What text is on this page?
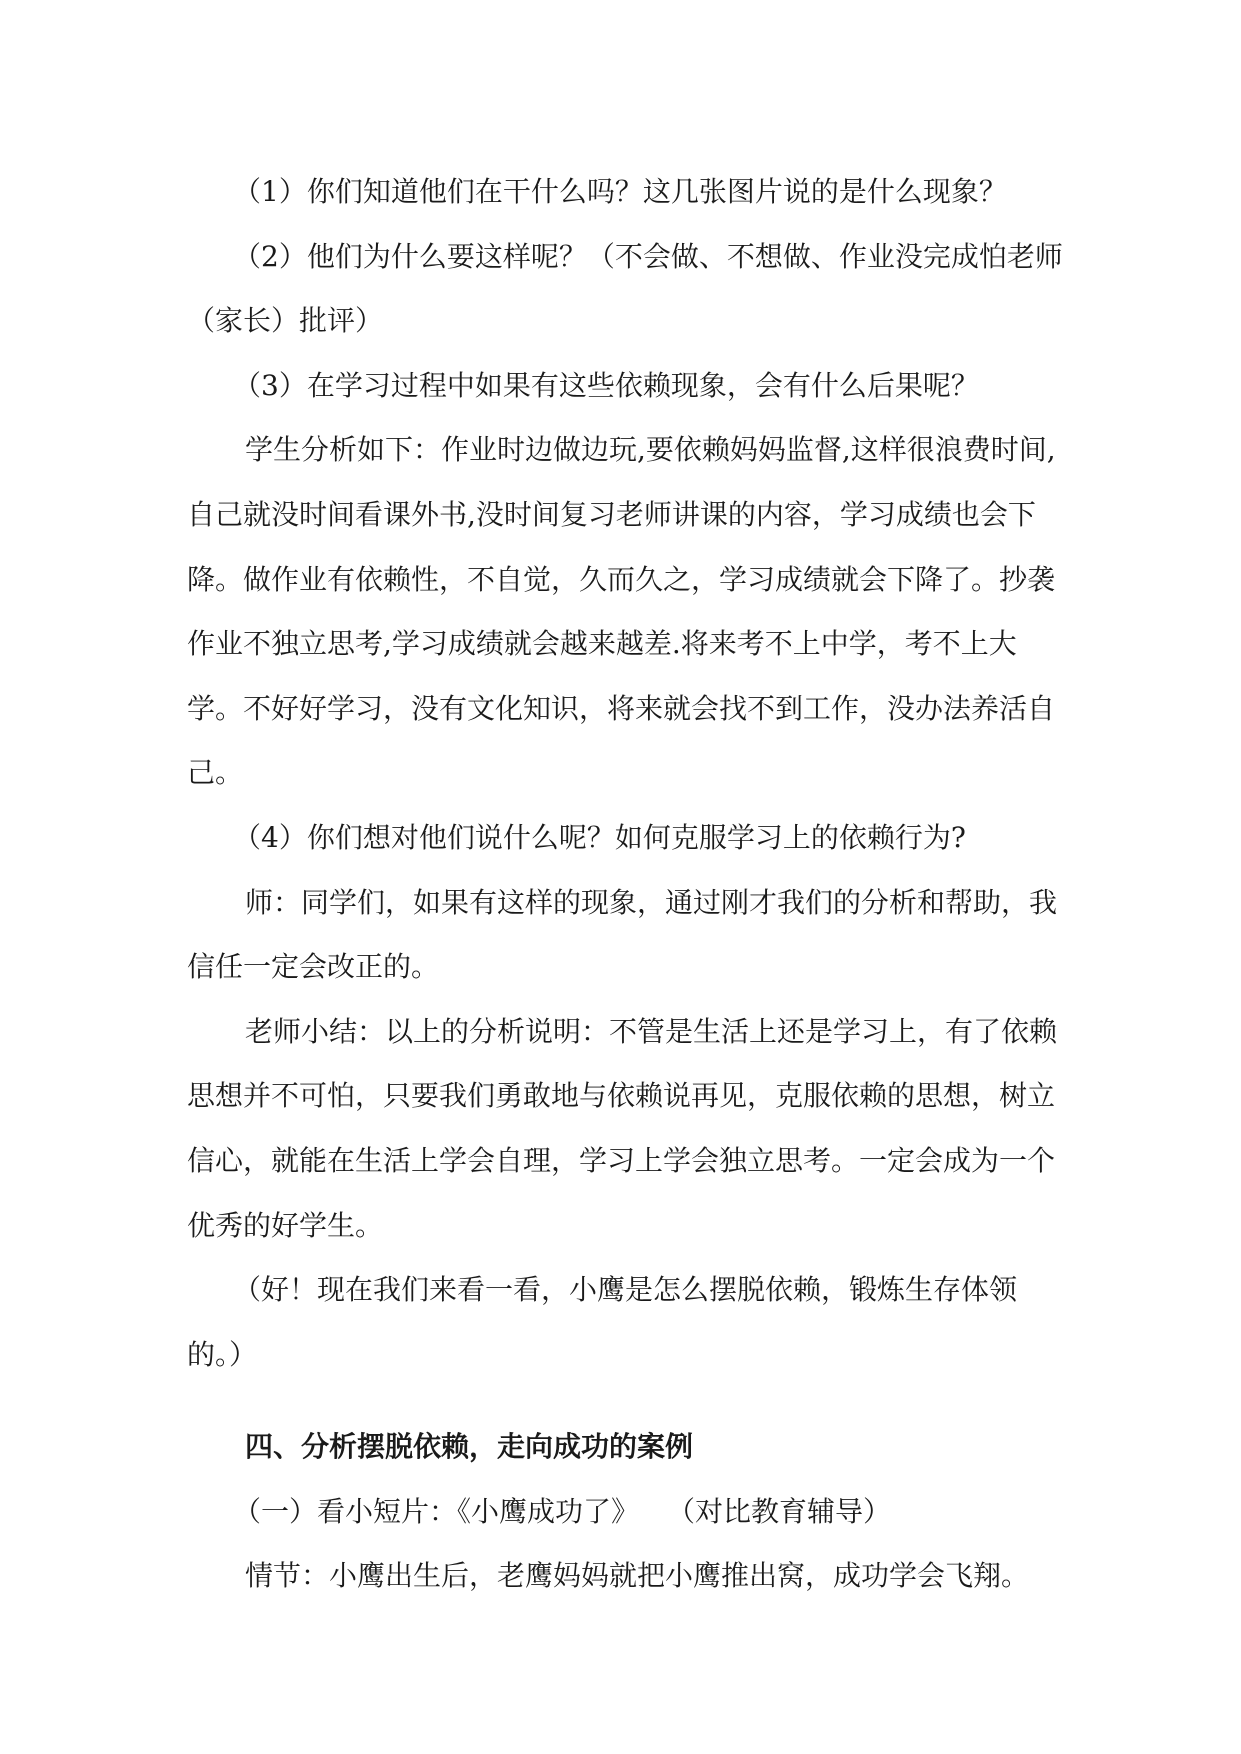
（1）你们知道他们在干什么吗？这几张图片说的是什么现象？

（2）他们为什么要这样呢？（不会做、不想做、作业没完成怕老师（家长）批评）

（3）在学习过程中如果有这些依赖现象，会有什么后果呢？

学生分析如下：作业时边做边玩,要依赖妈妈监督,这样很浪费时间,自己就没时间看课外书,没时间复习老师讲课的内容，学习成绩也会下降。做作业有依赖性，不自觉，久而久之，学习成绩就会下降了。抄袭作业不独立思考,学习成绩就会越来越差.将来考不上中学，考不上大学。不好好学习，没有文化知识，将来就会找不到工作，没办法养活自己。

（4）你们想对他们说什么呢？如何克服学习上的依赖行为?

师：同学们，如果有这样的现象，通过刚才我们的分析和帮助，我信任一定会改正的。

老师小结：以上的分析说明：不管是生活上还是学习上，有了依赖思想并不可怕，只要我们勇敢地与依赖说再见，克服依赖的思想，树立信心，就能在生活上学会自理，学习上学会独立思考。一定会成为一个优秀的好学生。

（好！现在我们来看一看，小鹰是怎么摆脱依赖，锻炼生存体领的。）

四、分析摆脱依赖，走向成功的案例

（一）看小短片：《小鹰成功了》　　（对比教育辅导）

情节：小鹰出生后，老鹰妈妈就把小鹰推出窝，成功学会飞翔。
